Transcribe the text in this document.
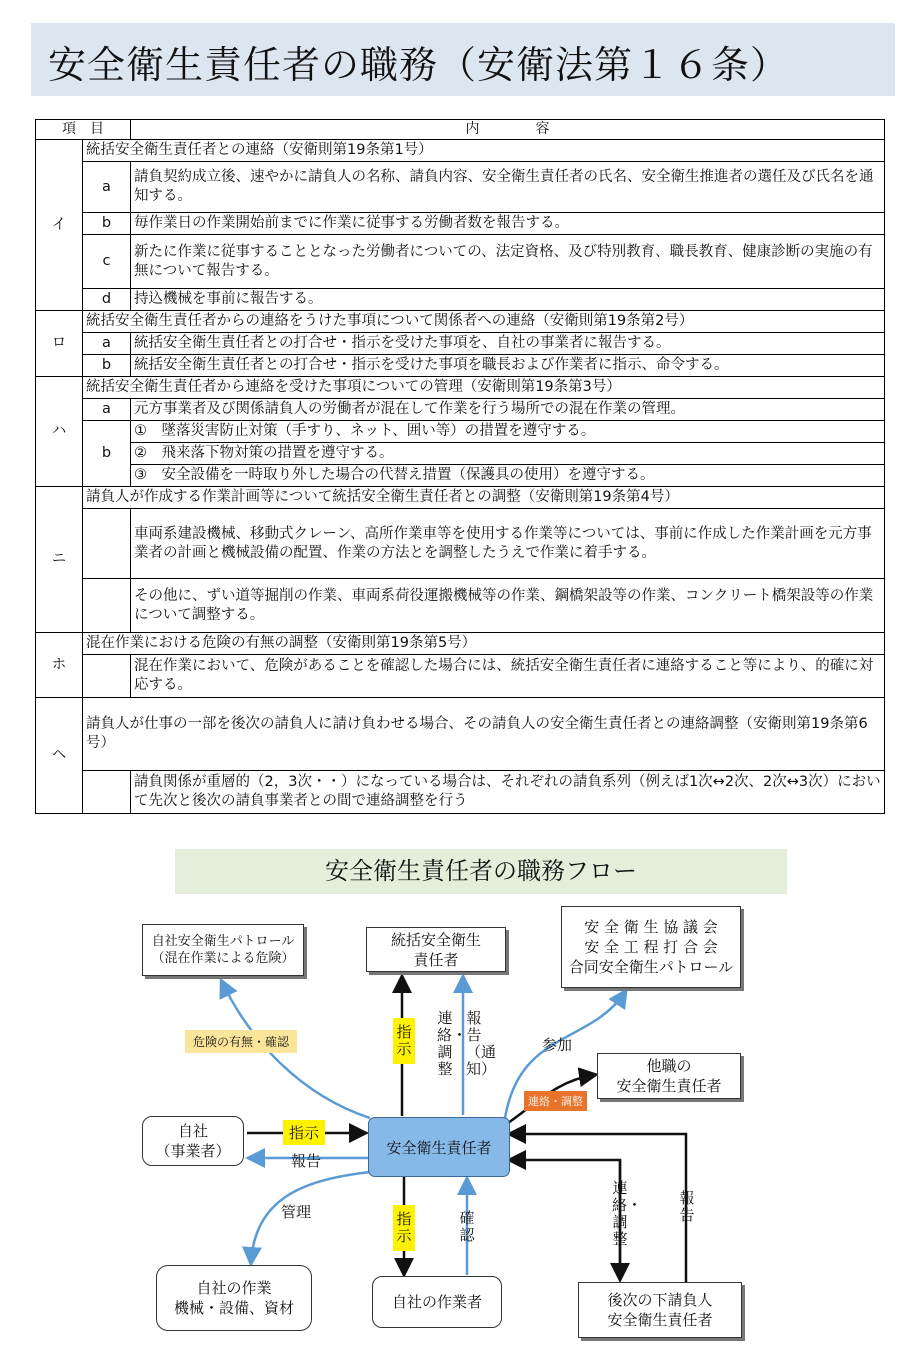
安全衛生責任者の職務（安衛法第１６条）
項　目		内　　　　容
イ	統括安全衛生責任者との連絡（安衛則第19条第1号）	
	a	請負契約成立後、速やかに請負人の名称、請負内容、安全衛生責任者の氏名、安全衛生推進者の選任及び氏名を通知する。
	b	毎作業日の作業開始前までに作業に従事する労働者数を報告する。
	c	新たに作業に従事することとなった労働者についての、法定資格、及び特別教育、職長教育、健康診断の実施の有無について報告する。
	d	持込機械を事前に報告する。
ロ	統括安全衛生責任者からの連絡をうけた事項について関係者への連絡（安衛則第19条第2号）	
	a	統括安全衛生責任者との打合せ・指示を受けた事項を、自社の事業者に報告する。
	b	統括安全衛生責任者との打合せ・指示を受けた事項を職長および作業者に指示、命令する。
ハ	統括安全衛生責任者から連絡を受けた事項についての管理（安衛則第19条第3号）	
	a	元方事業者及び関係請負人の労働者が混在して作業を行う場所での混在作業の管理。
	b	①　墜落災害防止対策（手すり、ネット、囲い等）の措置を遵守する。
		②　飛来落下物対策の措置を遵守する。
		③　安全設備を一時取り外した場合の代替え措置（保護具の使用）を遵守する。
ニ	請負人が作成する作業計画等について統括安全衛生責任者との調整（安衛則第19条第4号）	
		車両系建設機械、移動式クレーン、高所作業車等を使用する作業等については、事前に作成した作業計画を元方事業者の計画と機械設備の配置、作業の方法とを調整したうえで作業に着手する。
		その他に、ずい道等掘削の作業、車両系荷役運搬機械等の作業、鋼橋架設等の作業、コンクリート橋架設等の作業について調整する。
ホ	混在作業における危険の有無の調整（安衛則第19条第5号）	
		混在作業において、危険があることを確認した場合には、統括安全衛生責任者に連絡すること等により、的確に対応する。
ヘ	請負人が仕事の一部を後次の請負人に請け負わせる場合、その請負人の安全衛生責任者との連絡調整（安衛則第19条第6号）	
		請負関係が重層的（2，3次・・）になっている場合は、それぞれの請負系列（例えば1次↔2次、2次↔3次）において先次と後次の請負事業者との間で連絡調整を行う
安全衛生責任者の職務フロー
自社安全衛生パトロール
（混在作業による危険）
統括安全衛生
責任者
安 全 衛 生 協 議 会
安 全 工 程 打 合 会
合同安全衛生パトロール
他職の
安全衛生責任者
自社
（事業者）	安全衛生責任者
自社の作業
機械・設備、資材	自社の作業者	後次の下請負人
安全衛生責任者
危険の有無・確認
指示
連絡・調整
報告（通知）
参加
連絡・調整
指示
報告
管理	指示
確認
連絡・調整
報告
